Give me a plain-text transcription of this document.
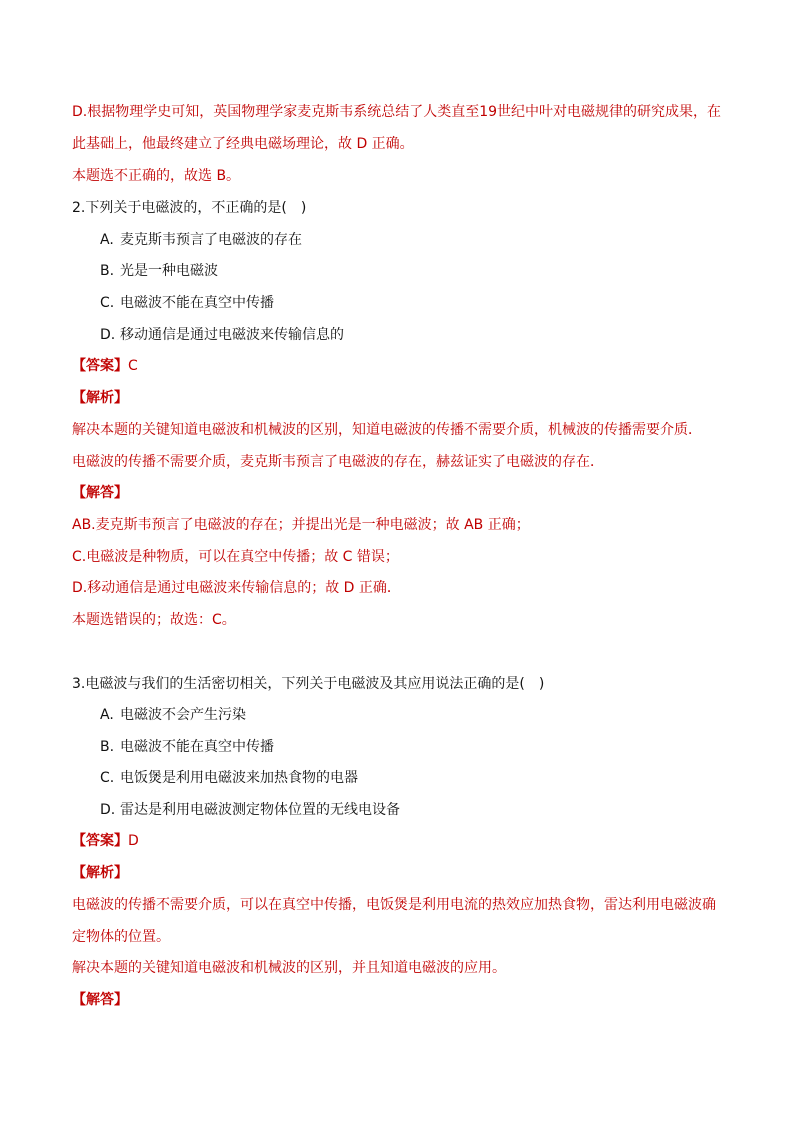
D.根据物理学史可知，英国物理学家麦克斯韦系统总结了人类直至19世纪中叶对电磁规律的研究成果，在
此基础上，他最终建立了经典电磁场理论，故 D 正确。
本题选不正确的，故选 B。
2.下列关于电磁波的，不正确的是(　)
A. 麦克斯韦预言了电磁波的存在
B. 光是一种电磁波
C. 电磁波不能在真空中传播
D. 移动通信是通过电磁波来传输信息的
【答案】C
【解析】
解决本题的关键知道电磁波和机械波的区别，知道电磁波的传播不需要介质，机械波的传播需要介质．
电磁波的传播不需要介质，麦克斯韦预言了电磁波的存在，赫兹证实了电磁波的存在．
【解答】
AB.麦克斯韦预言了电磁波的存在；并提出光是一种电磁波；故 AB 正确；
C.电磁波是种物质，可以在真空中传播；故 C 错误；
D.移动通信是通过电磁波来传输信息的；故 D 正确．
本题选错误的；故选：C。
3.电磁波与我们的生活密切相关，下列关于电磁波及其应用说法正确的是(　)
A. 电磁波不会产生污染
B. 电磁波不能在真空中传播
C. 电饭煲是利用电磁波来加热食物的电器
D. 雷达是利用电磁波测定物体位置的无线电设备
【答案】D
【解析】
电磁波的传播不需要介质，可以在真空中传播，电饭煲是利用电流的热效应加热食物，雷达利用电磁波确
定物体的位置。
解决本题的关键知道电磁波和机械波的区别，并且知道电磁波的应用。
【解答】
